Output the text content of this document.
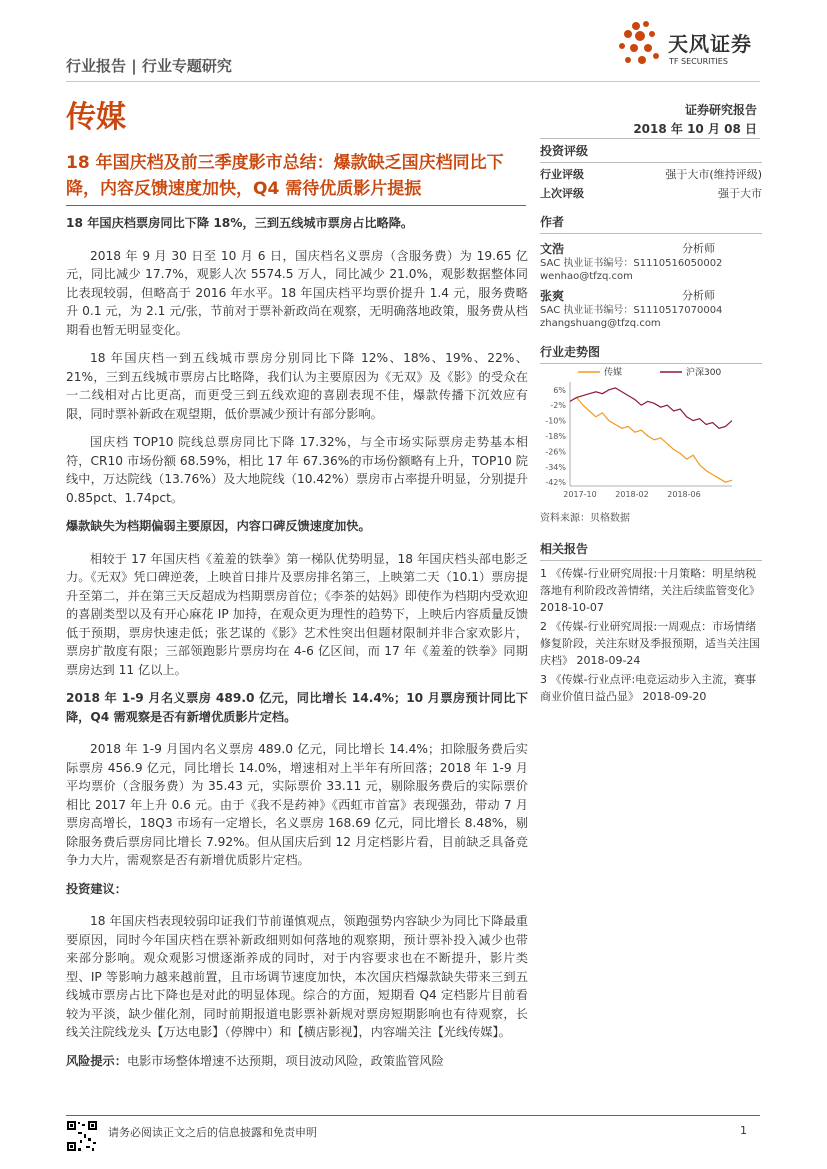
行业报告 | 行业专题研究
天风证券
TF SECURITIES
传媒	证券研究报告
2018 年 10 月 08 日
18 年国庆档及前三季度影市总结：爆款缺乏国庆档同比下降，内容反馈速度加快，Q4 需待优质影片提振

18 年国庆档票房同比下降 18%，三到五线城市票房占比略降。

2018 年 9 月 30 日至 10 月 6 日，国庆档名义票房（含服务费）为 19.65 亿元，同比减少 17.7%，观影人次 5574.5 万人，同比减少 21.0%，观影数据整体同比表现较弱，但略高于 2016 年水平。18 年国庆档平均票价提升 1.4 元，服务费略升 0.1 元，为 2.1 元/张，节前对于票补新政尚在观察，无明确落地政策，服务费从档期看也暂无明显变化。

18 年国庆档一到五线城市票房分别同比下降 12%、18%、19%、22%、21%，三到五线城市票房占比略降，我们认为主要原因为《无双》及《影》的受众在一二线相对占比更高，而更受三到五线欢迎的喜剧表现不佳，爆款传播下沉效应有限，同时票补新政在观望期，低价票减少预计有部分影响。

国庆档 TOP10 院线总票房同比下降 17.32%，与全市场实际票房走势基本相符，CR10 市场份额 68.59%，相比 17 年 67.36%的市场份额略有上升，TOP10 院线中，万达院线（13.76%）及大地院线（10.42%）票房市占率提升明显，分别提升 0.85pct、1.74pct。

爆款缺失为档期偏弱主要原因，内容口碑反馈速度加快。

相较于 17 年国庆档《羞羞的铁拳》第一梯队优势明显，18 年国庆档头部电影乏力。《无双》凭口碑逆袭，上映首日排片及票房排名第三，上映第二天（10.1）票房提升至第二，并在第三天反超成为档期票房首位；《李茶的姑妈》即使作为档期内受欢迎的喜剧类型以及有开心麻花 IP 加持，在观众更为理性的趋势下，上映后内容质量反馈低于预期，票房快速走低；张艺谋的《影》艺术性突出但题材限制并非合家欢影片，票房扩散度有限；三部领跑影片票房均在 4-6 亿区间，而 17 年《羞羞的铁拳》同期票房达到 11 亿以上。

2018 年 1-9 月名义票房 489.0 亿元，同比增长 14.4%；10 月票房预计同比下降，Q4 需观察是否有新增优质影片定档。

2018 年 1-9 月国内名义票房 489.0 亿元，同比增长 14.4%；扣除服务费后实际票房 456.9 亿元，同比增长 14.0%，增速相对上半年有所回落；2018 年 1-9 月平均票价（含服务费）为 35.43 元，实际票价 33.11 元，剔除服务费后的实际票价相比 2017 年上升 0.6 元。由于《我不是药神》《西虹市首富》表现强劲，带动 7 月票房高增长，18Q3 市场有一定增长，名义票房 168.69 亿元，同比增长 8.48%，剔除服务费后票房同比增长 7.92%。但从国庆后到 12 月定档影片看，目前缺乏具备竞争力大片，需观察是否有新增优质影片定档。

投资建议：

18 年国庆档表现较弱印证我们节前谨慎观点，领跑强势内容缺少为同比下降最重要原因，同时今年国庆档在票补新政细则如何落地的观察期，预计票补投入减少也带来部分影响。观众观影习惯逐渐养成的同时，对于内容要求也在不断提升，影片类型、IP 等影响力越来越前置，且市场调节速度加快，本次国庆档爆款缺失带来三到五线城市票房占比下降也是对此的明显体现。综合的方面，短期看 Q4 定档影片目前看较为平淡，缺少催化剂，同时前期报道电影票补新规对票房短期影响也有待观察，长线关注院线龙头【万达电影】（停牌中）和【横店影视】，内容端关注【光线传媒】。

风险提示：电影市场整体增速不达预期，项目波动风险，政策监管风险

投资评级
行业评级	强于大市(维持评级)
上次评级	强于大市
作者
文浩	分析师
SAC 执业证书编号：S1110516050002
wenhao@tfzq.com
张爽	分析师
SAC 执业证书编号：S1110517070004
zhangshuang@tfzq.com
行业走势图
6%
-2%
-10%
-18%
-26%
-34%
-42%
2017-10 2018-02 2018-06
传媒	沪深300
资料来源：贝格数据
相关报告
1 《传媒-行业研究周报:十月策略：明星纳税落地有利阶段改善情绪，关注后续监管变化》 2018-10-07
2 《传媒-行业研究周报:一周观点：市场情绪修复阶段，关注东财及季报预期，适当关注国庆档》 2018-09-24
3 《传媒-行业点评:电竞运动步入主流，赛事商业价值日益凸显》 2018-09-20
请务必阅读正文之后的信息披露和免责申明	1
